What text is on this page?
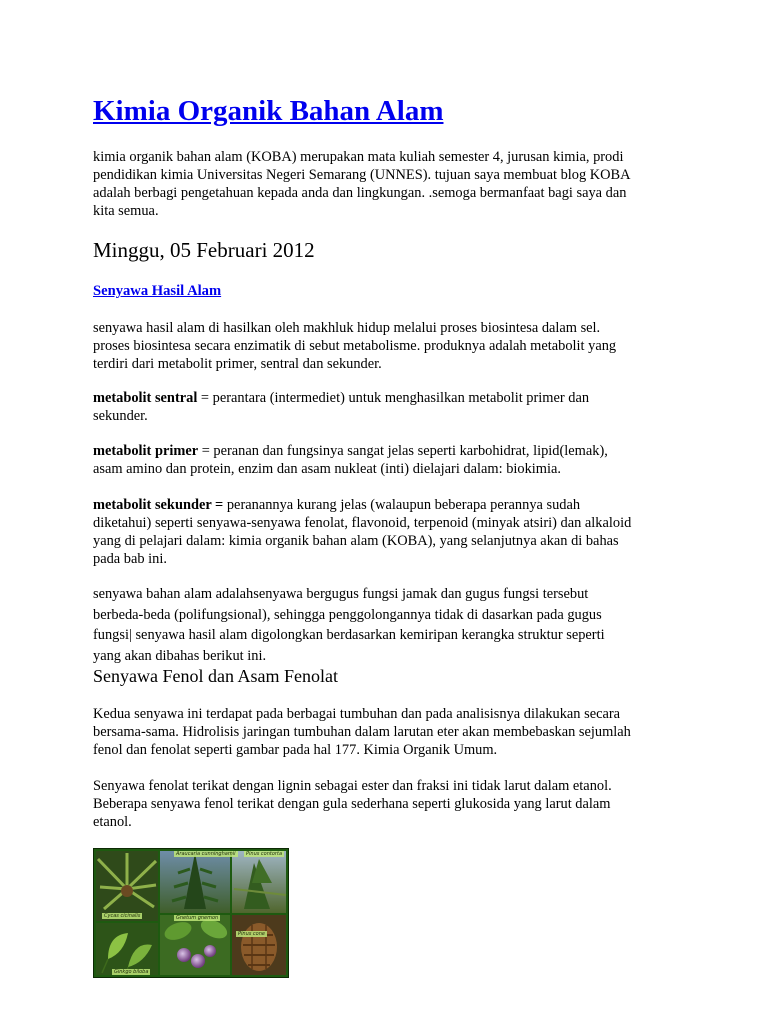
Kimia Organik Bahan Alam
kimia organik bahan alam (KOBA) merupakan mata kuliah semester 4, jurusan kimia, prodi
pendidikan kimia Universitas Negeri Semarang (UNNES). tujuan saya membuat blog KOBA
adalah berbagi pengetahuan kepada anda dan lingkungan. .semoga bermanfaat bagi saya dan
kita semua.
Minggu, 05 Februari 2012
Senyawa Hasil Alam
senyawa hasil alam di hasilkan oleh makhluk hidup melalui proses biosintesa dalam sel.
proses biosintesa secara enzimatik di sebut metabolisme. produknya adalah metabolit yang
terdiri dari metabolit primer, sentral dan sekunder.
metabolit sentral = perantara (intermediet) untuk menghasilkan metabolit primer dan
sekunder.
metabolit primer = peranan dan fungsinya sangat jelas seperti karbohidrat, lipid(lemak),
asam amino dan protein, enzim dan asam nukleat (inti) dielajari dalam: biokimia.
metabolit sekunder = peranannya kurang jelas (walaupun beberapa perannya sudah
diketahui) seperti senyawa-senyawa fenolat, flavonoid, terpenoid (minyak atsiri) dan alkaloid
yang di pelajari dalam: kimia organik bahan alam (KOBA), yang selanjutnya akan di bahas
pada bab ini.
senyawa bahan alam adalahsenyawa bergugus fungsi jamak dan gugus fungsi tersebut
berbeda-beda (polifungsional), sehingga penggolongannya tidak di dasarkan pada gugus
fungsi| senyawa hasil alam digolongkan berdasarkan kemiripan kerangka struktur seperti
yang akan dibahas berikut ini.
Senyawa Fenol dan Asam Fenolat
Kedua senyawa ini terdapat pada berbagai tumbuhan dan pada analisisnya dilakukan secara
bersama-sama. Hidrolisis jaringan tumbuhan dalam larutan eter akan membebaskan sejumlah
fenol dan fenolat seperti gambar pada hal 177. Kimia Organik Umum.
Senyawa fenolat terikat dengan lignin sebagai ester dan fraksi ini tidak larut dalam etanol.
Beberapa senyawa fenol terikat dengan gula sederhana seperti glukosida yang larut dalam
etanol.
Araucaria cunninghamii	Pinus contorta
Cycas cicinalis	Gnetum gnemon
Pinus cone
Ginkgo biloba
